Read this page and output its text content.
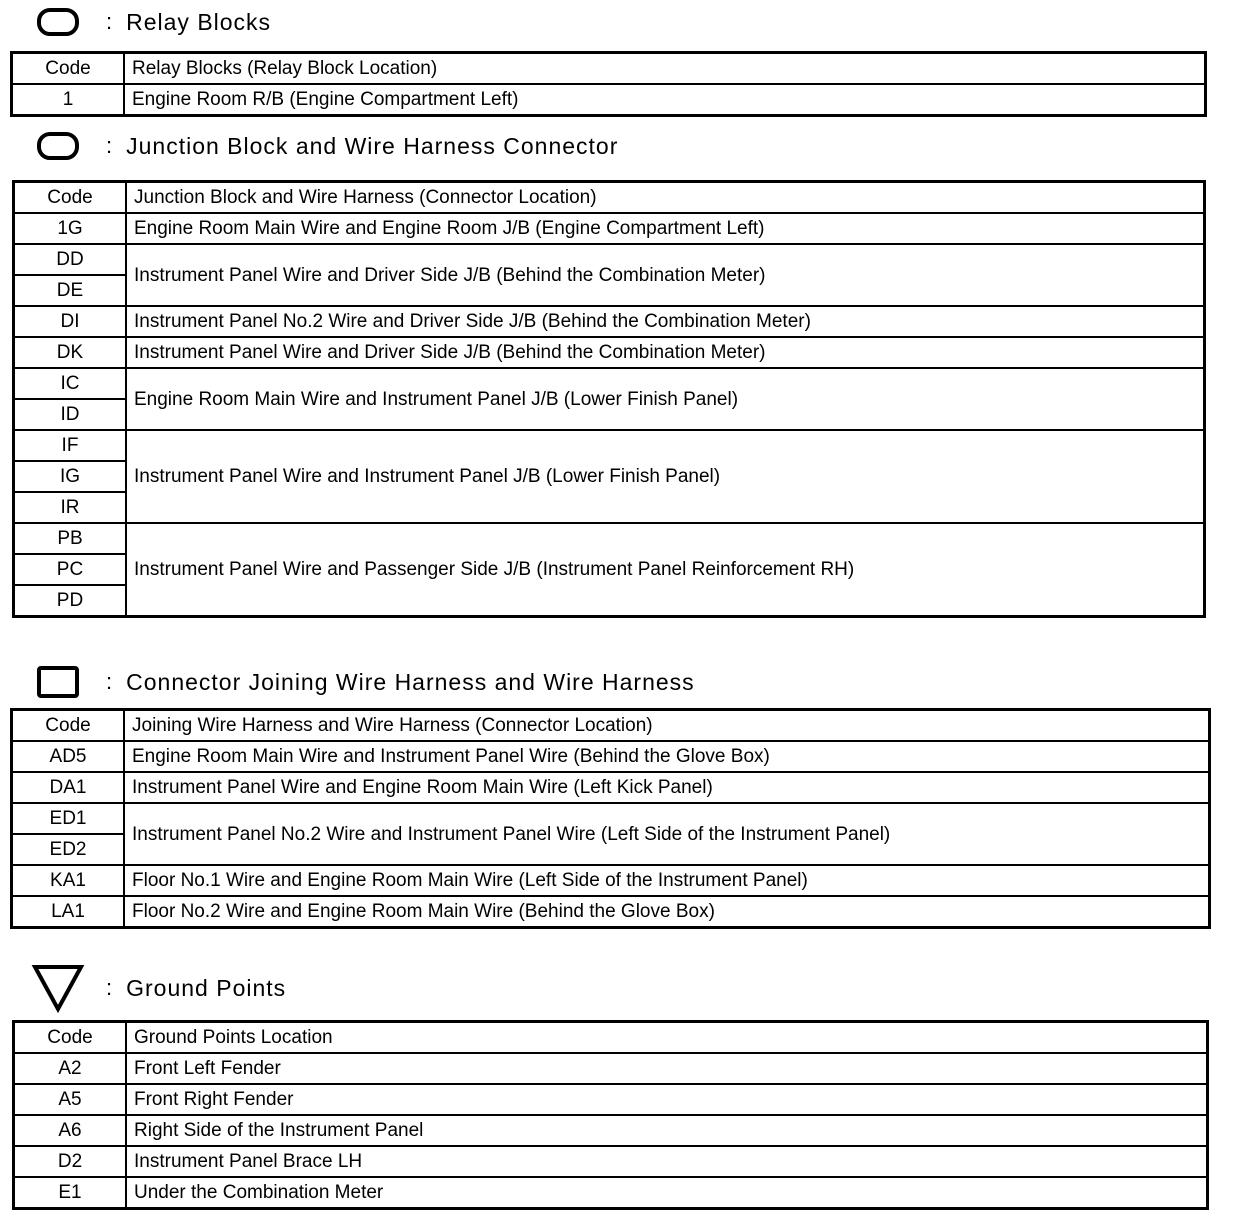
: Relay Blocks
Code	Relay Blocks (Relay Block Location)
1	Engine Room R/B (Engine Compartment Left)
: Junction Block and Wire Harness Connector
Code	Junction Block and Wire Harness (Connector Location)
1G	Engine Room Main Wire and Engine Room J/B (Engine Compartment Left)
DD	Instrument Panel Wire and Driver Side J/B (Behind the Combination Meter)
DE	
DI	Instrument Panel No.2 Wire and Driver Side J/B (Behind the Combination Meter)
DK	Instrument Panel Wire and Driver Side J/B (Behind the Combination Meter)
IC	Engine Room Main Wire and Instrument Panel J/B (Lower Finish Panel)
ID	
IF	Instrument Panel Wire and Instrument Panel J/B (Lower Finish Panel)
IG	
IR	
PB	Instrument Panel Wire and Passenger Side J/B (Instrument Panel Reinforcement RH)
PC	
PD	
: Connector Joining Wire Harness and Wire Harness
Code	Joining Wire Harness and Wire Harness (Connector Location)
AD5	Engine Room Main Wire and Instrument Panel Wire (Behind the Glove Box)
DA1	Instrument Panel Wire and Engine Room Main Wire (Left Kick Panel)
ED1	Instrument Panel No.2 Wire and Instrument Panel Wire (Left Side of the Instrument Panel)
ED2	
KA1	Floor No.1 Wire and Engine Room Main Wire (Left Side of the Instrument Panel)
LA1	Floor No.2 Wire and Engine Room Main Wire (Behind the Glove Box)
: Ground Points
Code	Ground Points Location
A2	Front Left Fender
A5	Front Right Fender
A6	Right Side of the Instrument Panel
D2	Instrument Panel Brace LH
E1	Under the Combination Meter
